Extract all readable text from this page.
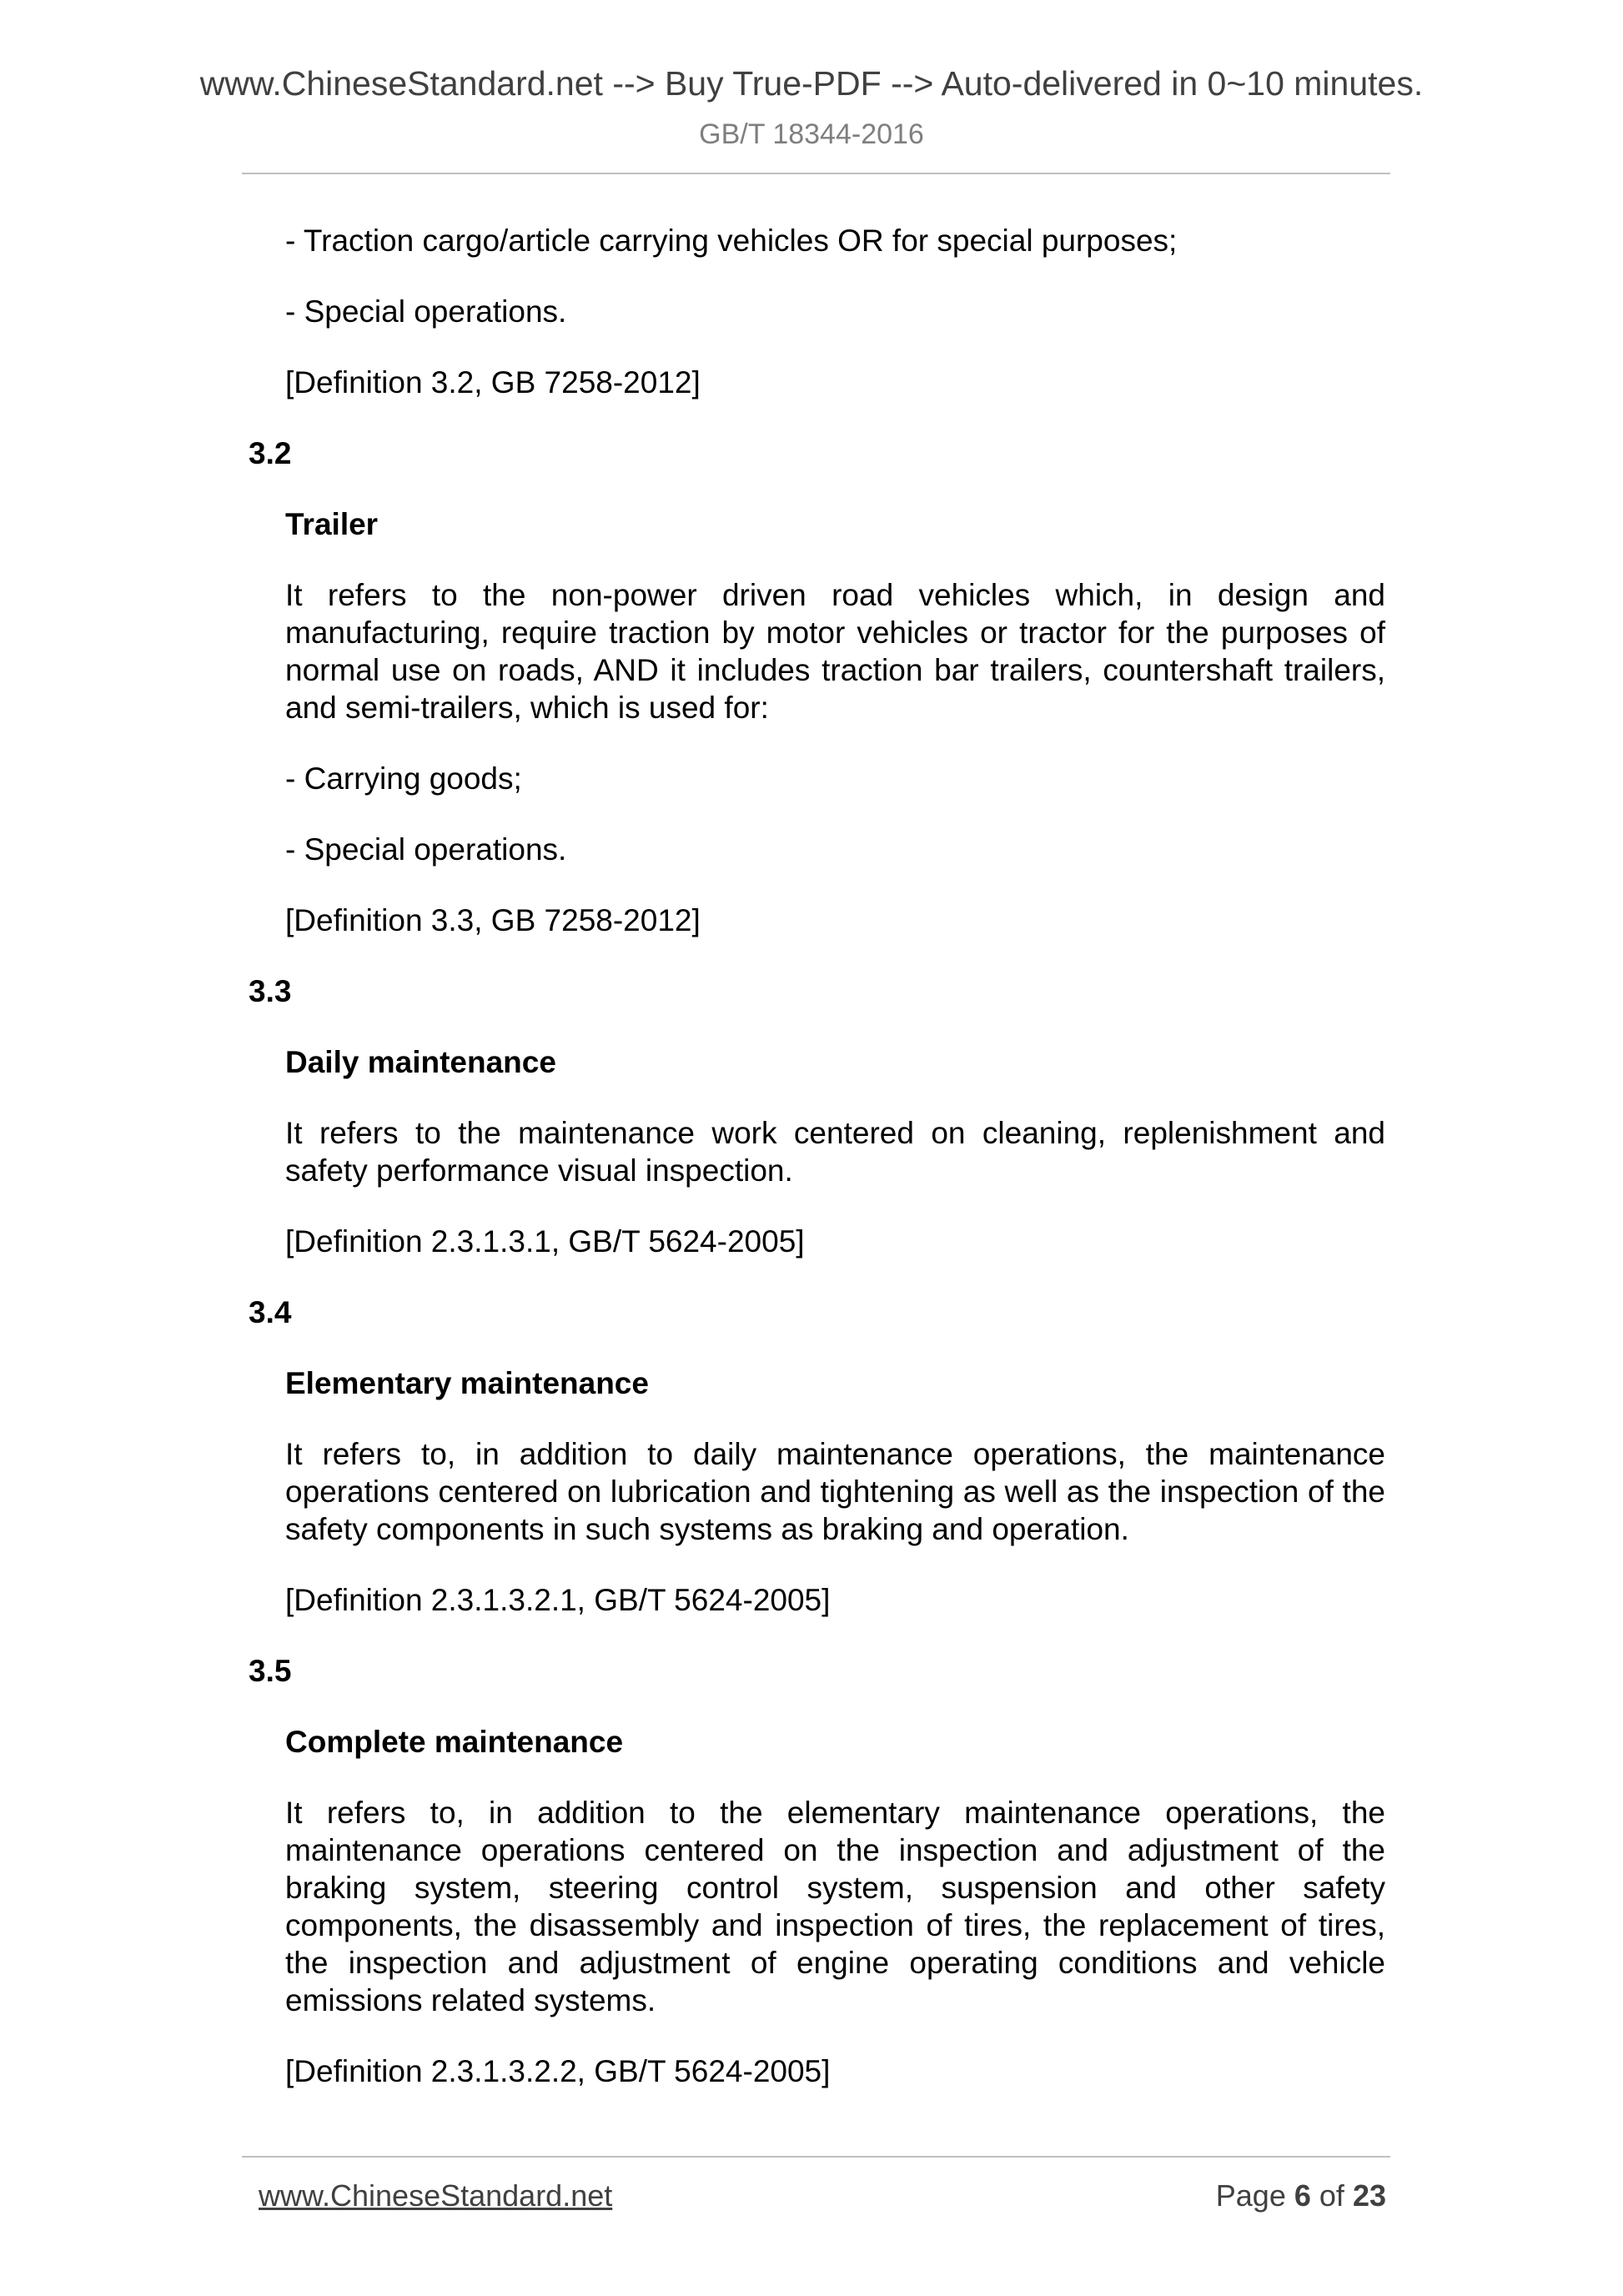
www.ChineseStandard.net --> Buy True-PDF --> Auto-delivered in 0~10 minutes.
GB/T 18344-2016

- Traction cargo/article carrying vehicles OR for special purposes;

- Special operations.

[Definition 3.2, GB 7258-2012]

3.2
Trailer

It refers to the non-power driven road vehicles which, in design and manufacturing, require traction by motor vehicles or tractor for the purposes of normal use on roads, AND it includes traction bar trailers, countershaft trailers, and semi-trailers, which is used for:

- Carrying goods;

- Special operations.

[Definition 3.3, GB 7258-2012]

3.3
Daily maintenance

It refers to the maintenance work centered on cleaning, replenishment and safety performance visual inspection.

[Definition 2.3.1.3.1, GB/T 5624-2005]

3.4
Elementary maintenance

It refers to, in addition to daily maintenance operations, the maintenance operations centered on lubrication and tightening as well as the inspection of the safety components in such systems as braking and operation.

[Definition 2.3.1.3.2.1, GB/T 5624-2005]

3.5
Complete maintenance

It refers to, in addition to the elementary maintenance operations, the maintenance operations centered on the inspection and adjustment of the braking system, steering control system, suspension and other safety components, the disassembly and inspection of tires, the replacement of tires, the inspection and adjustment of engine operating conditions and vehicle emissions related systems.

[Definition 2.3.1.3.2.2, GB/T 5624-2005]

www.ChineseStandard.net	Page 6 of 23
